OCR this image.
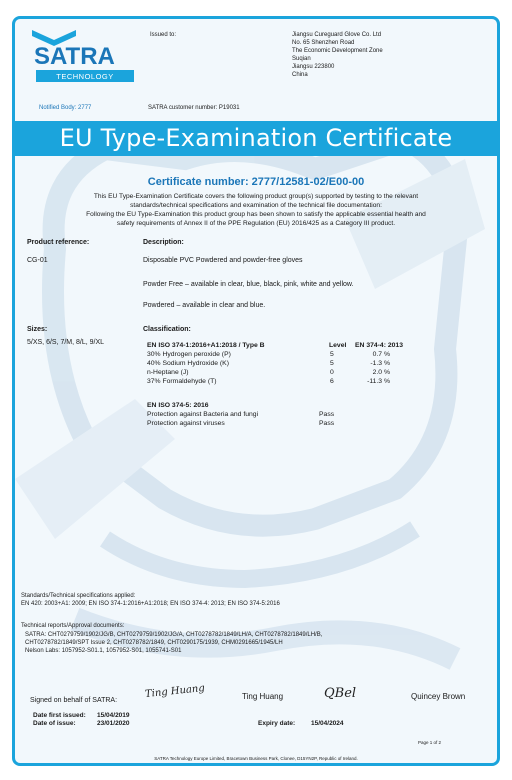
SATRA
TECHNOLOGY
Issued to:	Jiangsu Cureguard Glove Co. Ltd
No. 65 Shenzhen Road
The Economic Development Zone
Suqian
Jiangsu 223800
China
Notified Body: 2777	SATRA customer number: P19031
EU Type-Examination Certificate
Certificate number: 2777/12581-02/E00-00
This EU Type-Examination Certificate covers the following product group(s) supported by testing to the relevant
standards/technical specifications and examination of the technical file documentation:
Following the EU Type-Examination this product group has been shown to satisfy the applicable essential health and
safety requirements of Annex II of the PPE Regulation (EU) 2016/425 as a Category III product.
Product reference:	Description:
CG-01	Disposable PVC Powdered and powder-free gloves
Powder Free – available in clear, blue, black, pink, white and yellow.
Powdered – available in clear and blue.
Sizes:
5/XS, 6/S, 7/M, 8/L, 9/XL
Classification:
EN ISO 374-1:2016+A1:2018 / Type B	Level EN 374-4: 2013
30% Hydrogen peroxide (P)	5	0.7 %
40% Sodium Hydroxide (K)	5	-1.3 %
n-Heptane (J)	0	2.0 %
37% Formaldehyde (T)	6	-11.3 %
EN ISO 374-5: 2016
Protection against Bacteria and fungi	Pass
Protection against viruses	Pass
Standards/Technical specifications applied:
EN 420: 2003+A1: 2009; EN ISO 374-1:2016+A1:2018; EN ISO 374-4: 2013; EN ISO 374-5:2016
Technical reports/Approval documents:
SATRA: CHT0279759/1902/JG/B, CHT0279759/1902/JG/A, CHT0278782/1849/LH/A, CHT0278782/1849/LH/B,
CHT0278782/1849/SPT Issue 2, CHT0278782/1849, CHT0290175/1939, CHM0291665/1945/LH
Nelson Labs: 1057952-S01.1, 1057952-S01, 1055741-S01
Signed on behalf of SATRA:
Ting Huang	Ting Huang	QBel	Quincey Brown
Date first issued: 15/04/2019
Date of issue:	23/01/2020	Expiry date: 15/04/2024
Page 1 of 2
SATRA Technology Europe Limited, Bracetown Business Park, Clonee, D15YN2P, Republic of Ireland.
